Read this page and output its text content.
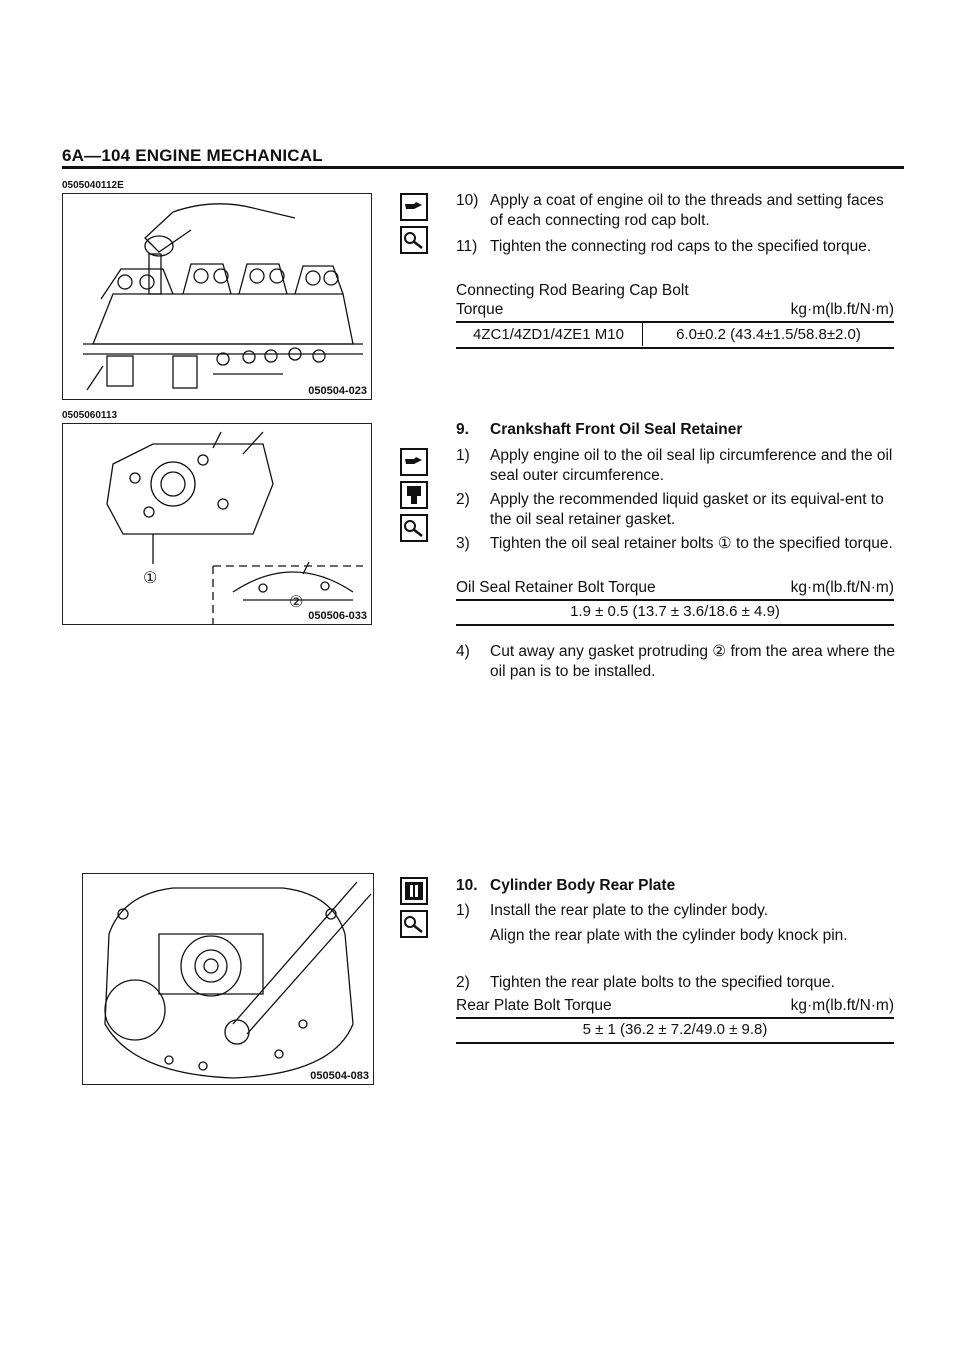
6A—104 ENGINE MECHANICAL
0505040112E
050504-023
0505060113
①
②
050506-033
050504-083
10) Apply a coat of engine oil to the threads and setting faces of each connecting rod cap bolt.
11) Tighten the connecting rod caps to the specified torque.
Connecting Rod Bearing Cap Bolt
Torque	kg·m(lb.ft/N·m)
4ZC1/4ZD1/4ZE1 M10	6.0±0.2 (43.4±1.5/58.8±2.0)
9. Crankshaft Front Oil Seal Retainer
1) Apply engine oil to the oil seal lip circumference and the oil seal outer circumference.
2) Apply the recommended liquid gasket or its equival-ent to the oil seal retainer gasket.
3) Tighten the oil seal retainer bolts ① to the specified torque.
Oil Seal Retainer Bolt Torque	kg·m(lb.ft/N·m)
1.9 ± 0.5 (13.7 ± 3.6/18.6 ± 4.9)
4) Cut away any gasket protruding ② from the area where the oil pan is to be installed.
10. Cylinder Body Rear Plate
1) Install the rear plate to the cylinder body.
Align the rear plate with the cylinder body knock pin.
2) Tighten the rear plate bolts to the specified torque.
Rear Plate Bolt Torque	kg·m(lb.ft/N·m)
5 ± 1 (36.2 ± 7.2/49.0 ± 9.8)
